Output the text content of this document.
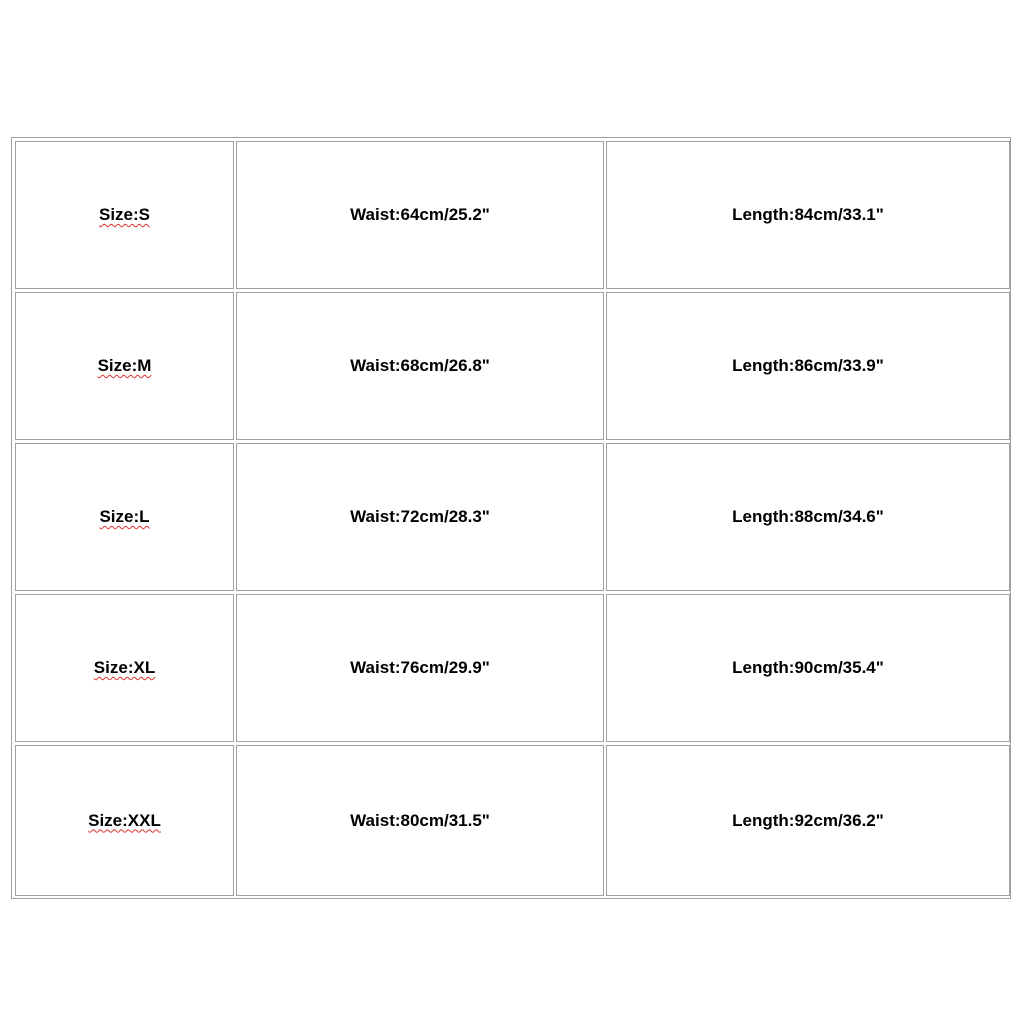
Size:S	Waist:64cm/25.2"	Length:84cm/33.1"
Size:M	Waist:68cm/26.8"	Length:86cm/33.9"
Size:L	Waist:72cm/28.3"	Length:88cm/34.6"
Size:XL	Waist:76cm/29.9"	Length:90cm/35.4"
Size:XXL	Waist:80cm/31.5"	Length:92cm/36.2"
